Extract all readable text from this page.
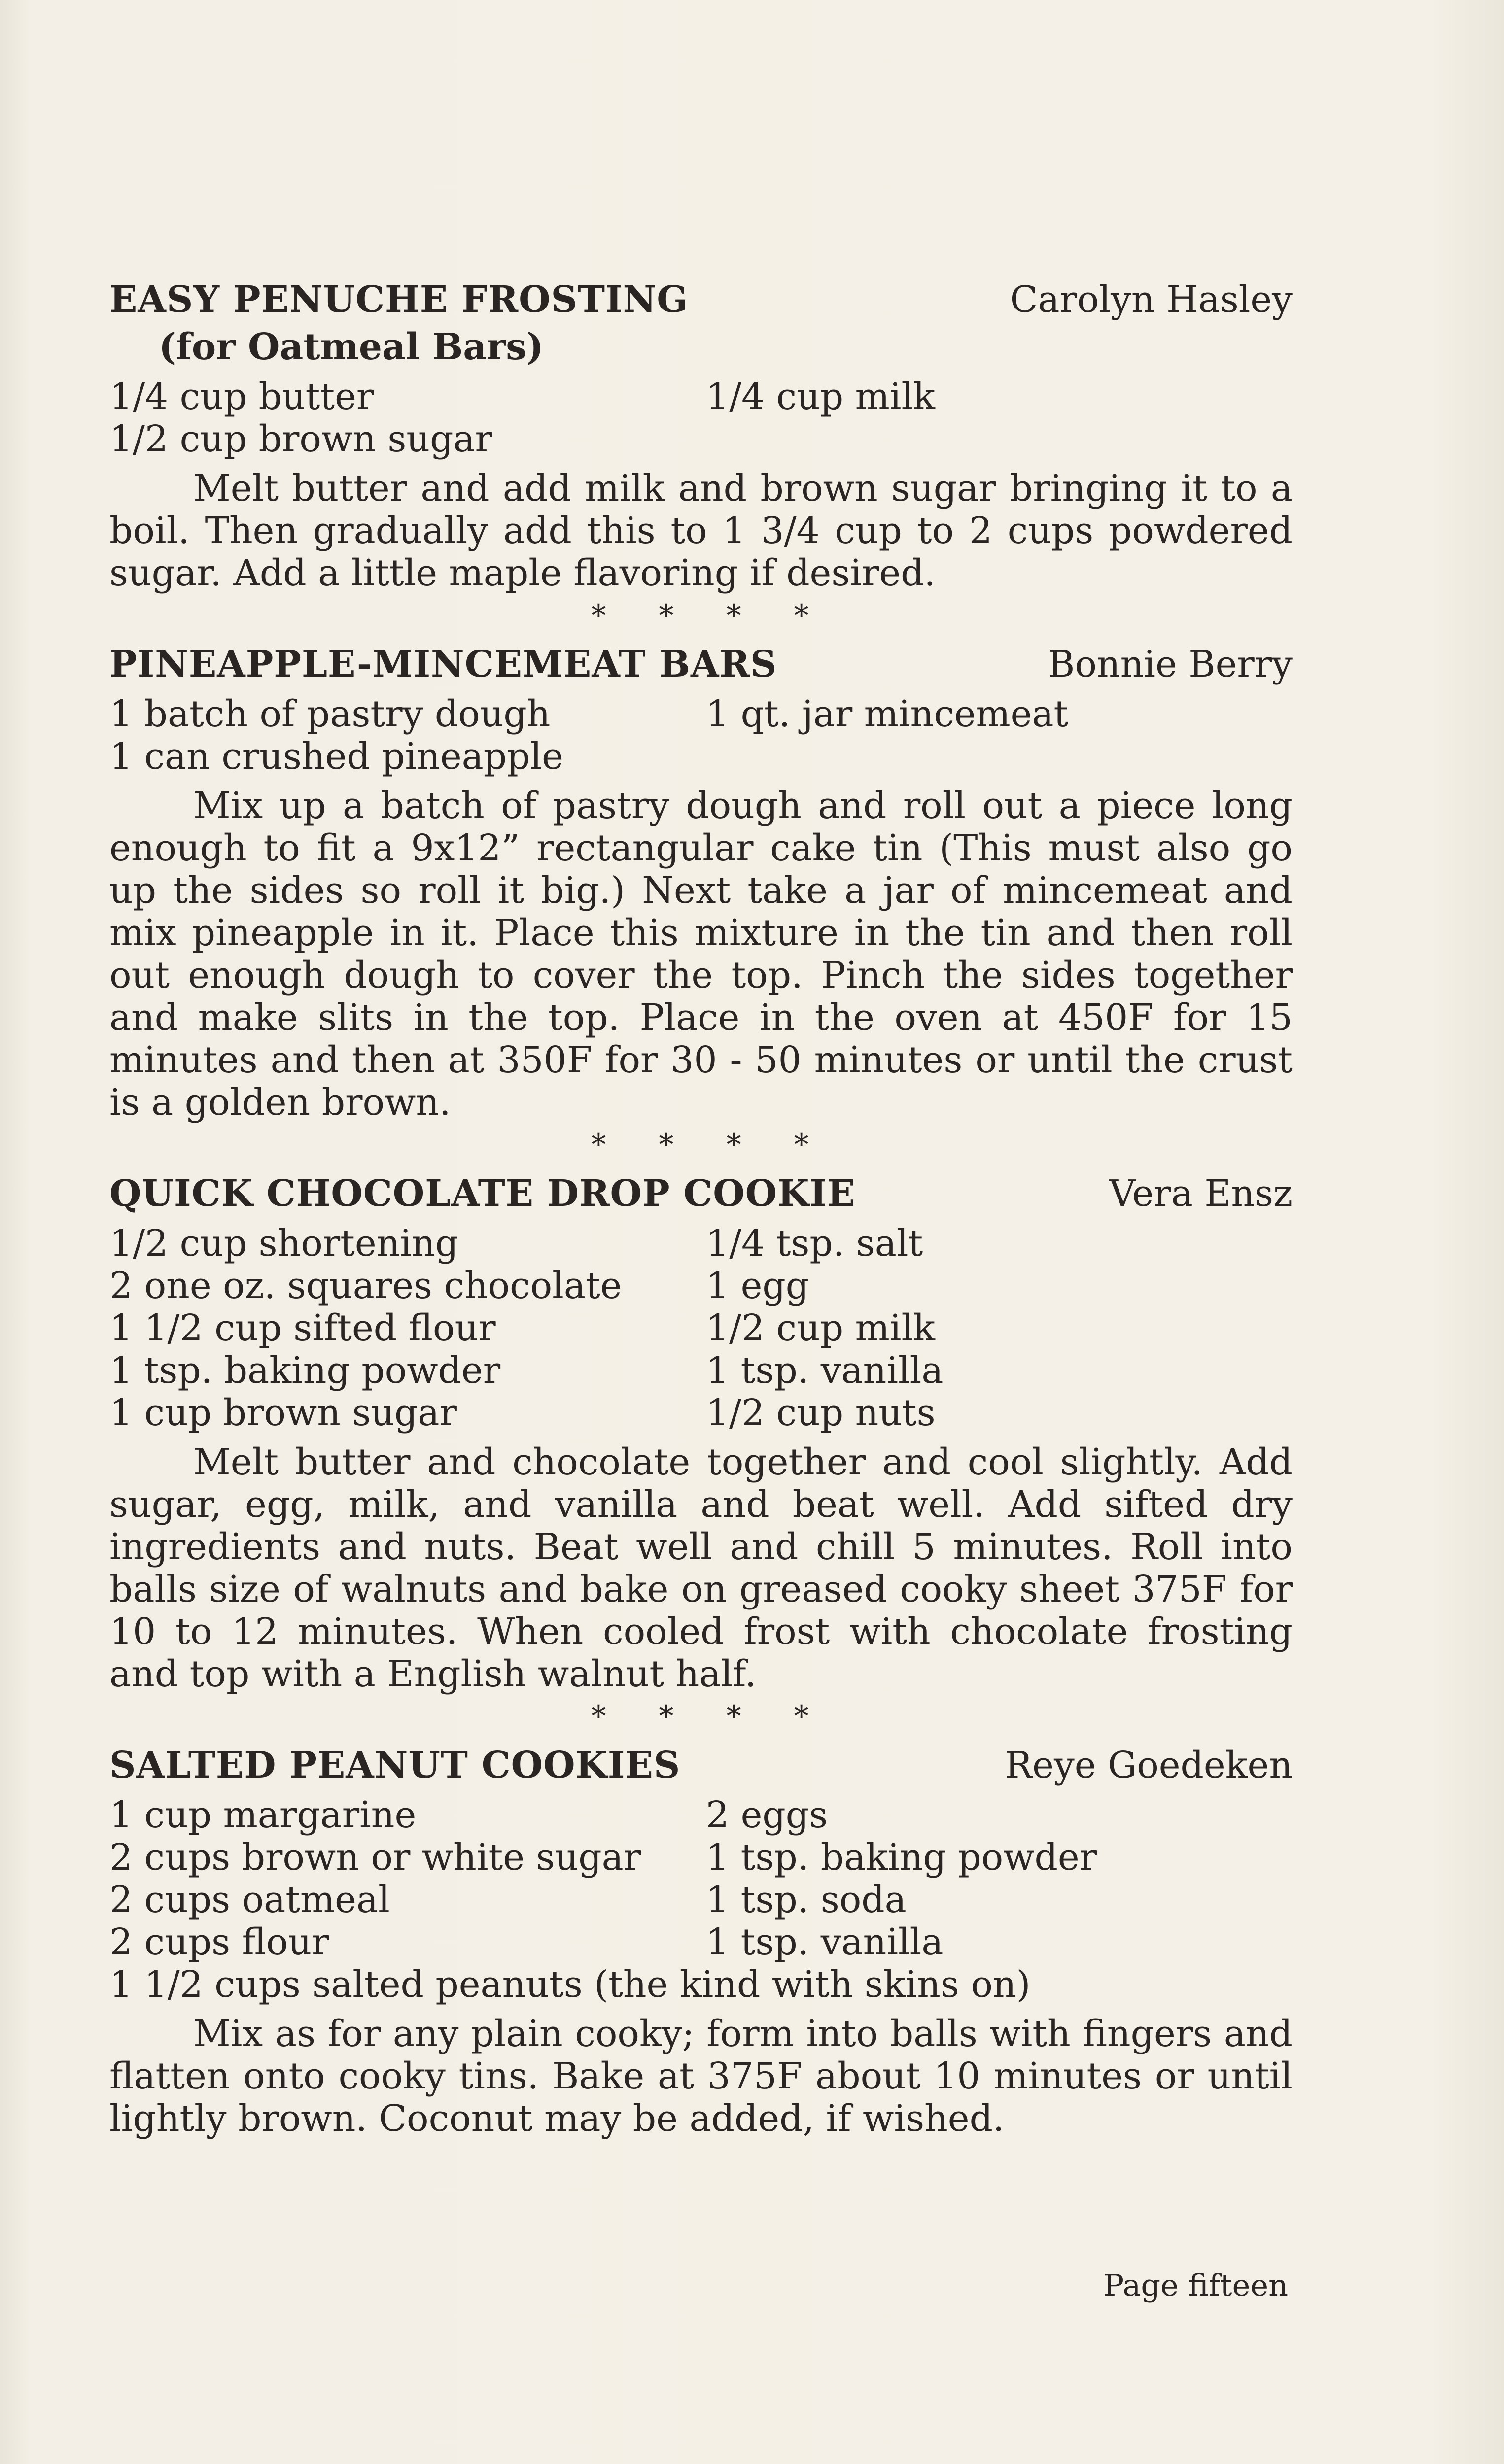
EASY PENUCHE FROSTING	Carolyn Hasley
(for Oatmeal Bars)
1/4 cup butter	1/4 cup milk
1/2 cup brown sugar
Melt butter and add milk and brown sugar bringing it to a boil. Then gradually add this to 1 3/4 cup to 2 cups powdered sugar. Add a little maple flavoring if desired.
* * * *
PINEAPPLE-MINCEMEAT BARS	Bonnie Berry
1 batch of pastry dough	1 qt. jar mincemeat
1 can crushed pineapple
Mix up a batch of pastry dough and roll out a piece long enough to fit a 9x12” rectangular cake tin (This must also go up the sides so roll it big.) Next take a jar of mincemeat and mix pineapple in it. Place this mixture in the tin and then roll out enough dough to cover the top. Pinch the sides together and make slits in the top. Place in the oven at 450F for 15 minutes and then at 350F for 30 - 50 minutes or until the crust is a golden brown.
* * * *
QUICK CHOCOLATE DROP COOKIE	Vera Ensz
1/2 cup shortening	1/4 tsp. salt
2 one oz. squares chocolate	1 egg
1 1/2 cup sifted flour	1/2 cup milk
1 tsp. baking powder	1 tsp. vanilla
1 cup brown sugar	1/2 cup nuts
Melt butter and chocolate together and cool slightly. Add sugar, egg, milk, and vanilla and beat well. Add sifted dry ingredients and nuts. Beat well and chill 5 minutes. Roll into balls size of walnuts and bake on greased cooky sheet 375F for 10 to 12 minutes. When cooled frost with chocolate frosting and top with a English walnut half.
* * * *
SALTED PEANUT COOKIES	Reye Goedeken
1 cup margarine	2 eggs
2 cups brown or white sugar	1 tsp. baking powder
2 cups oatmeal	1 tsp. soda
2 cups flour	1 tsp. vanilla
1 1/2 cups salted peanuts (the kind with skins on)
Mix as for any plain cooky; form into balls with fingers and flatten onto cooky tins. Bake at 375F about 10 minutes or until lightly brown. Coconut may be added, if wished.
Page fifteen
